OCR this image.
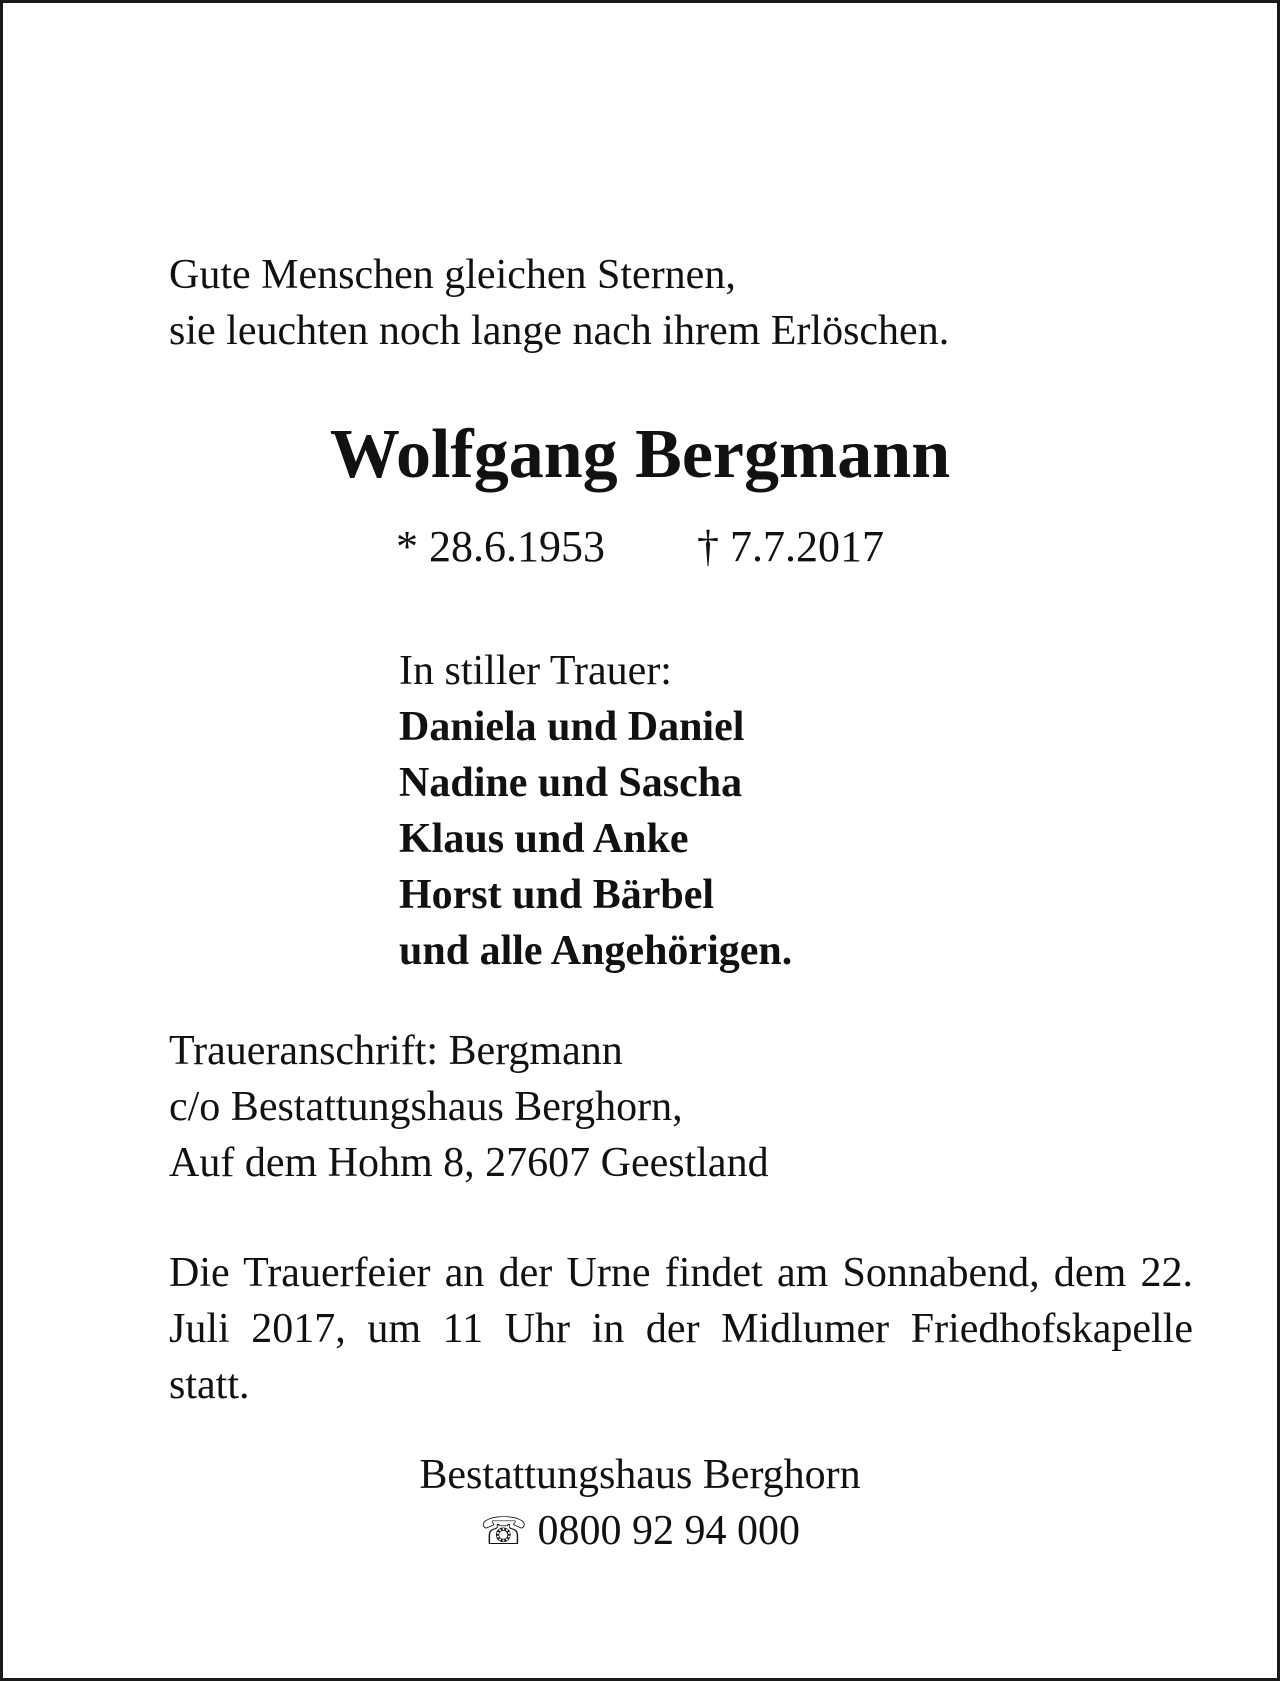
Gute Menschen gleichen Sternen,
sie leuchten noch lange nach ihrem Erlöschen.
Wolfgang Bergmann
* 28.6.1953 † 7.7.2017
In stiller Trauer:
Daniela und Daniel
Nadine und Sascha
Klaus und Anke
Horst und Bärbel
und alle Angehörigen.
Traueranschrift: Bergmann
c/o Bestattungshaus Berghorn,
Auf dem Hohm 8, 27607 Geestland
Die Trauerfeier an der Urne findet am Sonnabend, dem 22. Juli 2017, um 11 Uhr in der Midlumer Friedhofskapelle statt.
Bestattungshaus Berghorn
☏ 0800 92 94 000
